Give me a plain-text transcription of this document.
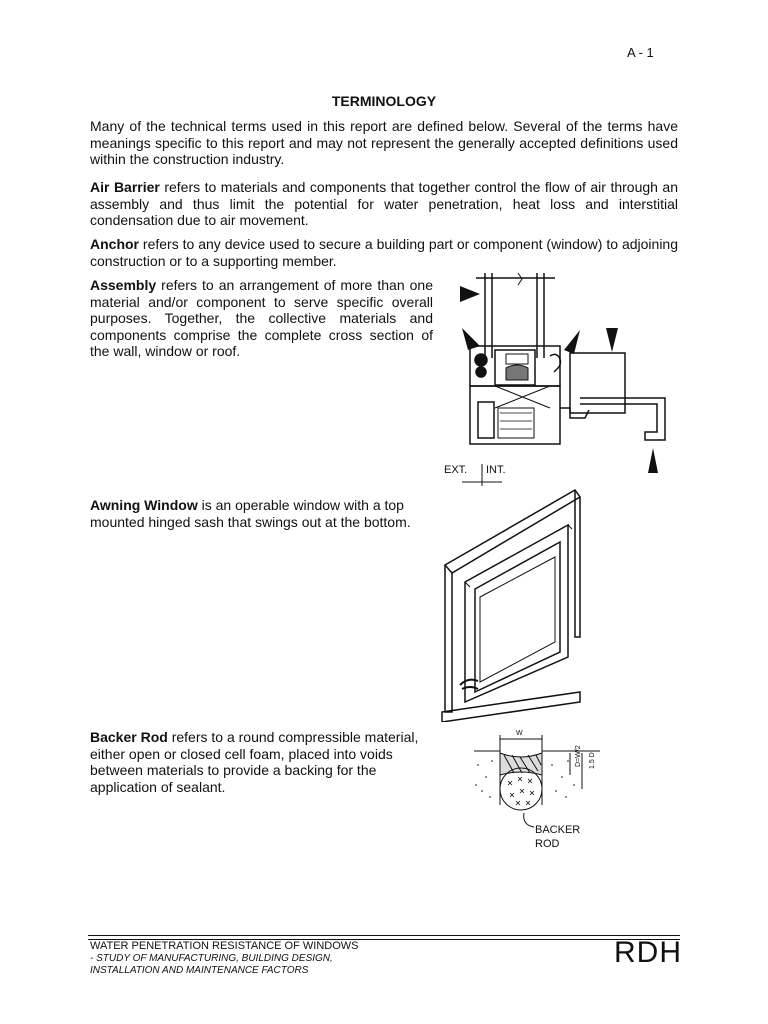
A - 1
TERMINOLOGY

Many of the technical terms used in this report are defined below. Several of the terms have meanings specific to this report and may not represent the generally accepted definitions used within the construction industry.

Air Barrier refers to materials and components that together control the flow of air through an assembly and thus limit the potential for water penetration, heat loss and interstitial condensation due to air movement.

Anchor refers to any device used to secure a building part or component (window) to adjoining construction or to a supporting member.

Assembly refers to an arrangement of more than one material and/or component to serve specific overall purposes. Together, the collective materials and components comprise the complete cross section of the wall, window or roof.

Awning Window is an operable window with a top mounted hinged sash that swings out at the bottom.

Backer Rod refers to a round compressible material, either open or closed cell foam, placed into voids between materials to provide a backing for the application of sealant.

EXT. INT.
W
D=W/2 1.5 D
BACKER
ROD
WATER PENETRATION RESISTANCE OF WINDOWS
- STUDY OF MANUFACTURING, BUILDING DESIGN,
INSTALLATION AND MAINTENANCE FACTORS
RDH
